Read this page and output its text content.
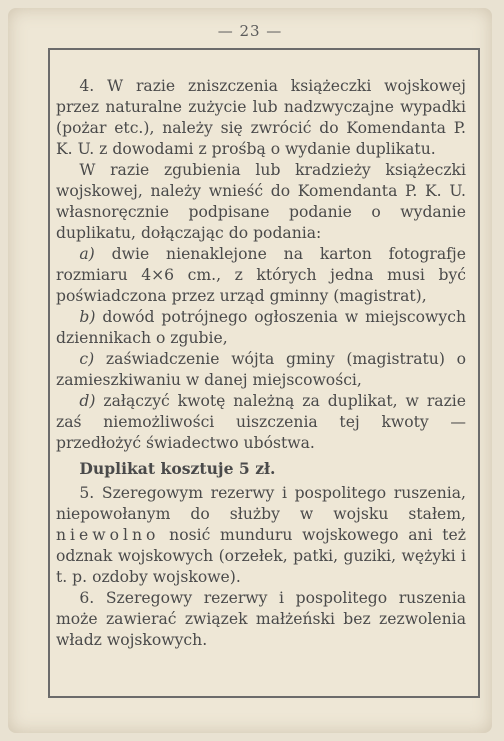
— 23 —

4. W razie zniszczenia książeczki wojskowej przez naturalne zużycie lub nadzwyczajne wypadki (pożar etc.), należy się zwrócić do Komendanta P. K. U. z dowodami z prośbą o wydanie duplikatu.

W razie zgubienia lub kradzieży książeczki wojskowej, należy wnieść do Komendanta P. K. U. własnoręcznie podpisane podanie o wydanie duplikatu, dołączając do podania:

a) dwie nienaklejone na karton fotografje rozmiaru 4×6 cm., z których jedna musi być poświadczona przez urząd gminny (magistrat),

b) dowód potrójnego ogłoszenia w miejscowych dziennikach o zgubie,

c) zaświadczenie wójta gminy (magistratu) o zamieszkiwaniu w danej miejscowości,

d) załączyć kwotę należną za duplikat, w razie zaś niemożliwości uiszczenia tej kwoty — przedłożyć świadectwo ubóstwa.

Duplikat kosztuje 5 zł.

5. Szeregowym rezerwy i pospolitego ruszenia, niepowołanym do służby w wojsku stałem, niewolno nosić munduru wojskowego ani też odznak wojskowych (orzełek, patki, guziki, wężyki i t. p. ozdoby wojskowe).

6. Szeregowy rezerwy i pospolitego ruszenia może zawierać związek małżeński bez zezwolenia władz wojskowych.
